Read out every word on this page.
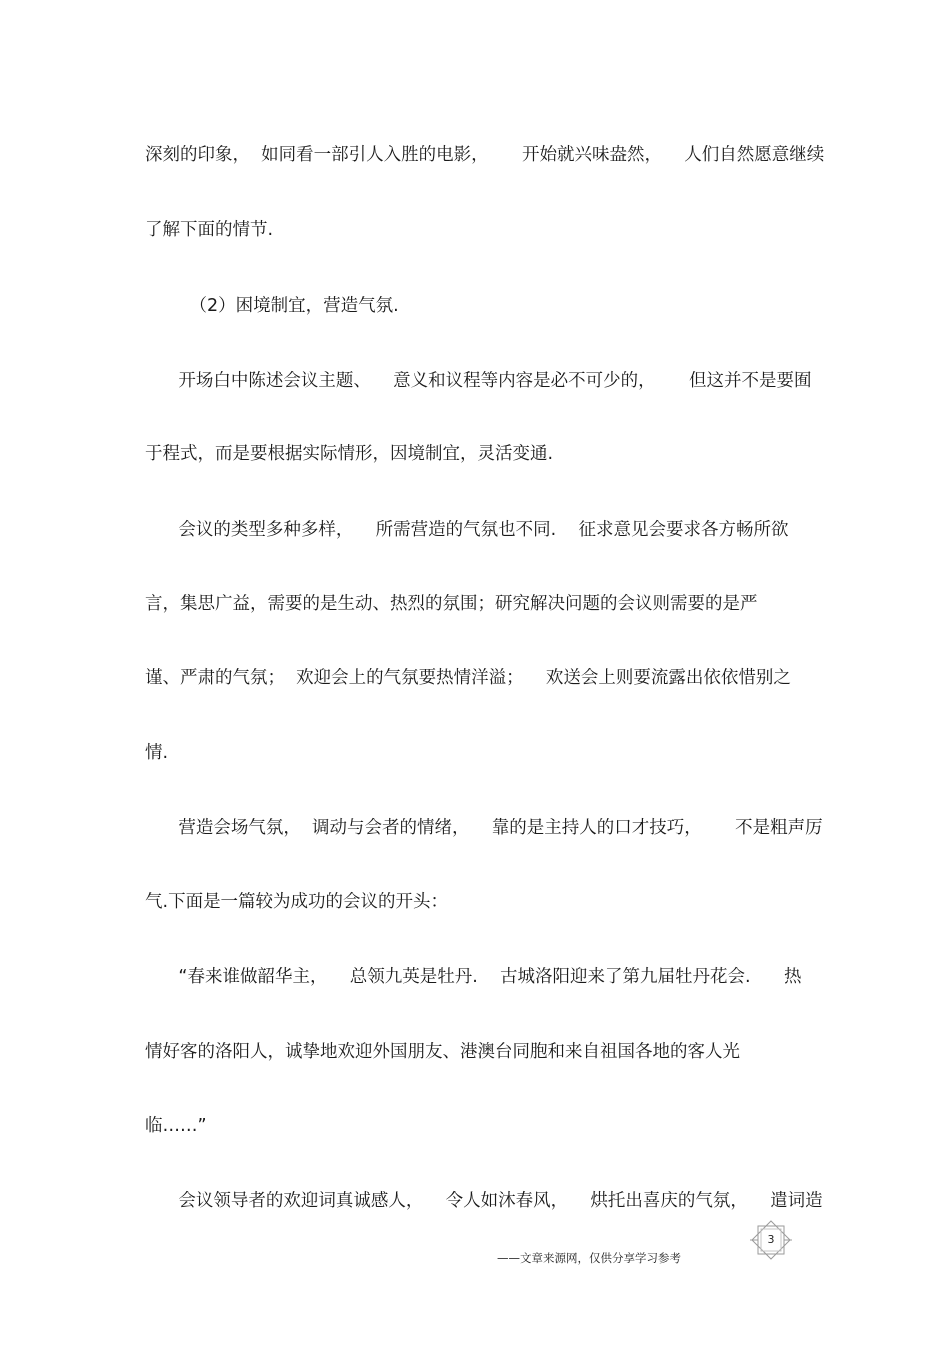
深刻的印象，  如同看一部引人入胜的电影，      开始就兴味盎然，    人们自然愿意继续

了解下面的情节.

（2）困境制宜，营造气氛.

开场白中陈述会议主题、    意义和议程等内容是必不可少的，      但这并不是要囿

于程式，而是要根据实际情形，因境制宜，灵活变通.

会议的类型多种多样，    所需营造的气氛也不同.    征求意见会要求各方畅所欲

言，集思广益，需要的是生动、热烈的氛围；研究解决问题的会议则需要的是严

谨、严肃的气氛；  欢迎会上的气氛要热情洋溢；    欢送会上则要流露出依依惜别之

情.

营造会场气氛，  调动与会者的情绪，    靠的是主持人的口才技巧，      不是粗声厉

气.下面是一篇较为成功的会议的开头：

“春来谁做韶华主，    总领九英是牡丹.    古城洛阳迎来了第九届牡丹花会.      热

情好客的洛阳人，诚挚地欢迎外国朋友、港澳台同胞和来自祖国各地的客人光

临……”

会议领导者的欢迎词真诚感人，    令人如沐春风，    烘托出喜庆的气氛，    遣词造

3
——文章来源网，仅供分享学习参考
